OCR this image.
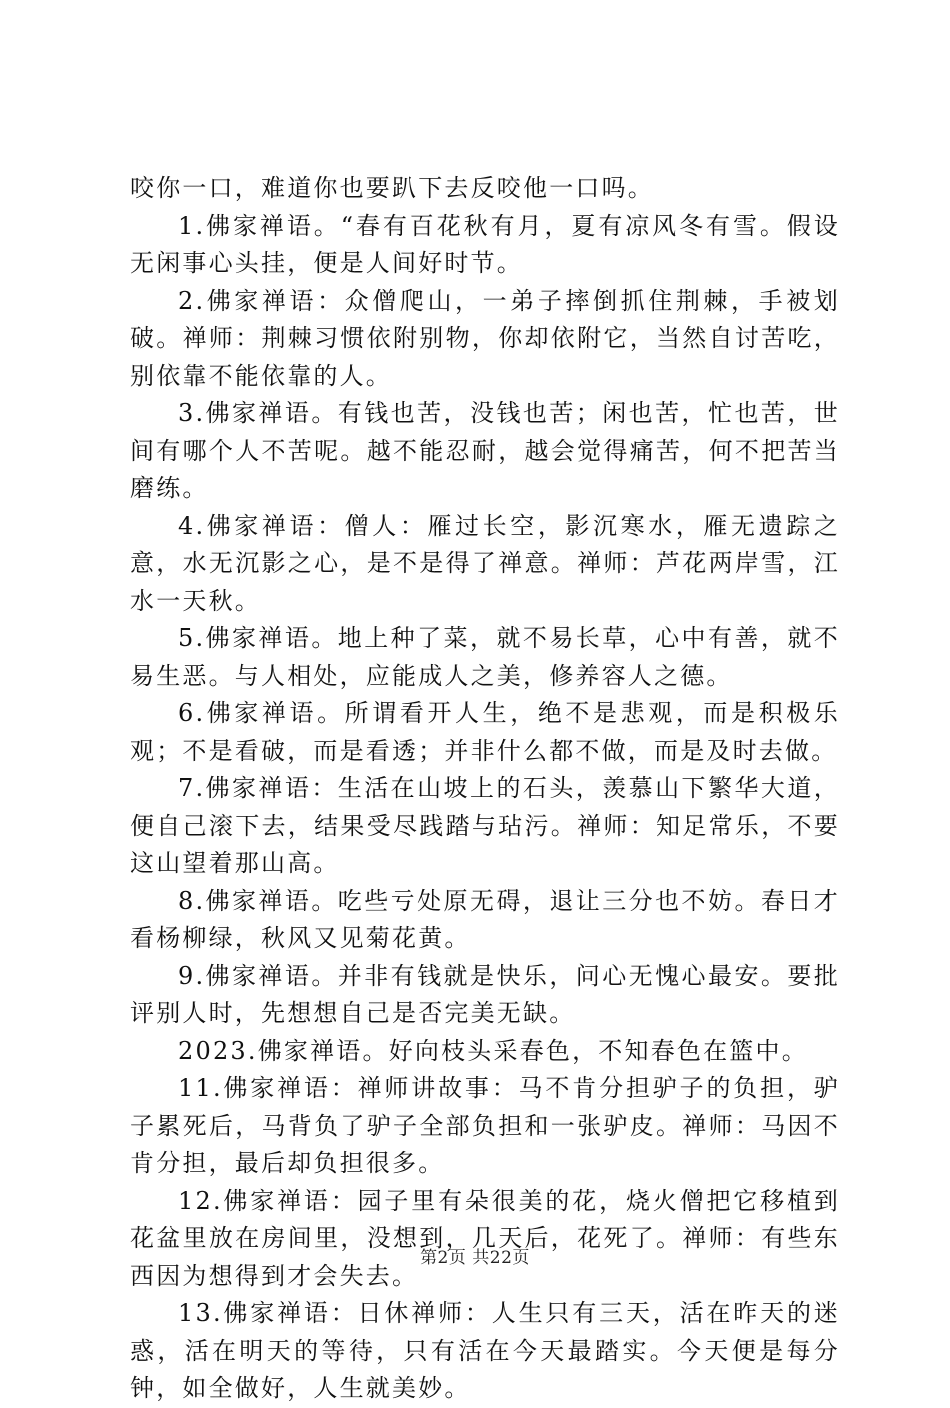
咬你一口，难道你也要趴下去反咬他一口吗。

1.佛家禅语。“春有百花秋有月，夏有凉风冬有雪。假设无闲事心头挂，便是人间好时节。

2.佛家禅语：众僧爬山，一弟子摔倒抓住荆棘，手被划破。禅师：荆棘习惯依附别物，你却依附它，当然自讨苦吃，别依靠不能依靠的人。

3.佛家禅语。有钱也苦，没钱也苦；闲也苦，忙也苦，世间有哪个人不苦呢。越不能忍耐，越会觉得痛苦，何不把苦当磨练。

4.佛家禅语：僧人：雁过长空，影沉寒水，雁无遗踪之意，水无沉影之心，是不是得了禅意。禅师：芦花两岸雪，江水一天秋。

5.佛家禅语。地上种了菜，就不易长草，心中有善，就不易生恶。与人相处，应能成人之美，修养容人之德。

6.佛家禅语。所谓看开人生，绝不是悲观，而是积极乐观；不是看破，而是看透；并非什么都不做，而是及时去做。

7.佛家禅语：生活在山坡上的石头，羡慕山下繁华大道，便自己滚下去，结果受尽践踏与玷污。禅师：知足常乐，不要这山望着那山高。

8.佛家禅语。吃些亏处原无碍，退让三分也不妨。春日才看杨柳绿，秋风又见菊花黄。

9.佛家禅语。并非有钱就是快乐，问心无愧心最安。要批评别人时，先想想自己是否完美无缺。

2023.佛家禅语。好向枝头采春色，不知春色在篮中。

11.佛家禅语：禅师讲故事：马不肯分担驴子的负担，驴子累死后，马背负了驴子全部负担和一张驴皮。禅师：马因不肯分担，最后却负担很多。

12.佛家禅语：园子里有朵很美的花，烧火僧把它移植到花盆里放在房间里，没想到，几天后，花死了。禅师：有些东西因为想得到才会失去。

13.佛家禅语：日休禅师：人生只有三天，活在昨天的迷惑，活在明天的等待，只有活在今天最踏实。今天便是每分钟，如全做好，人生就美妙。

第2页 共22页
